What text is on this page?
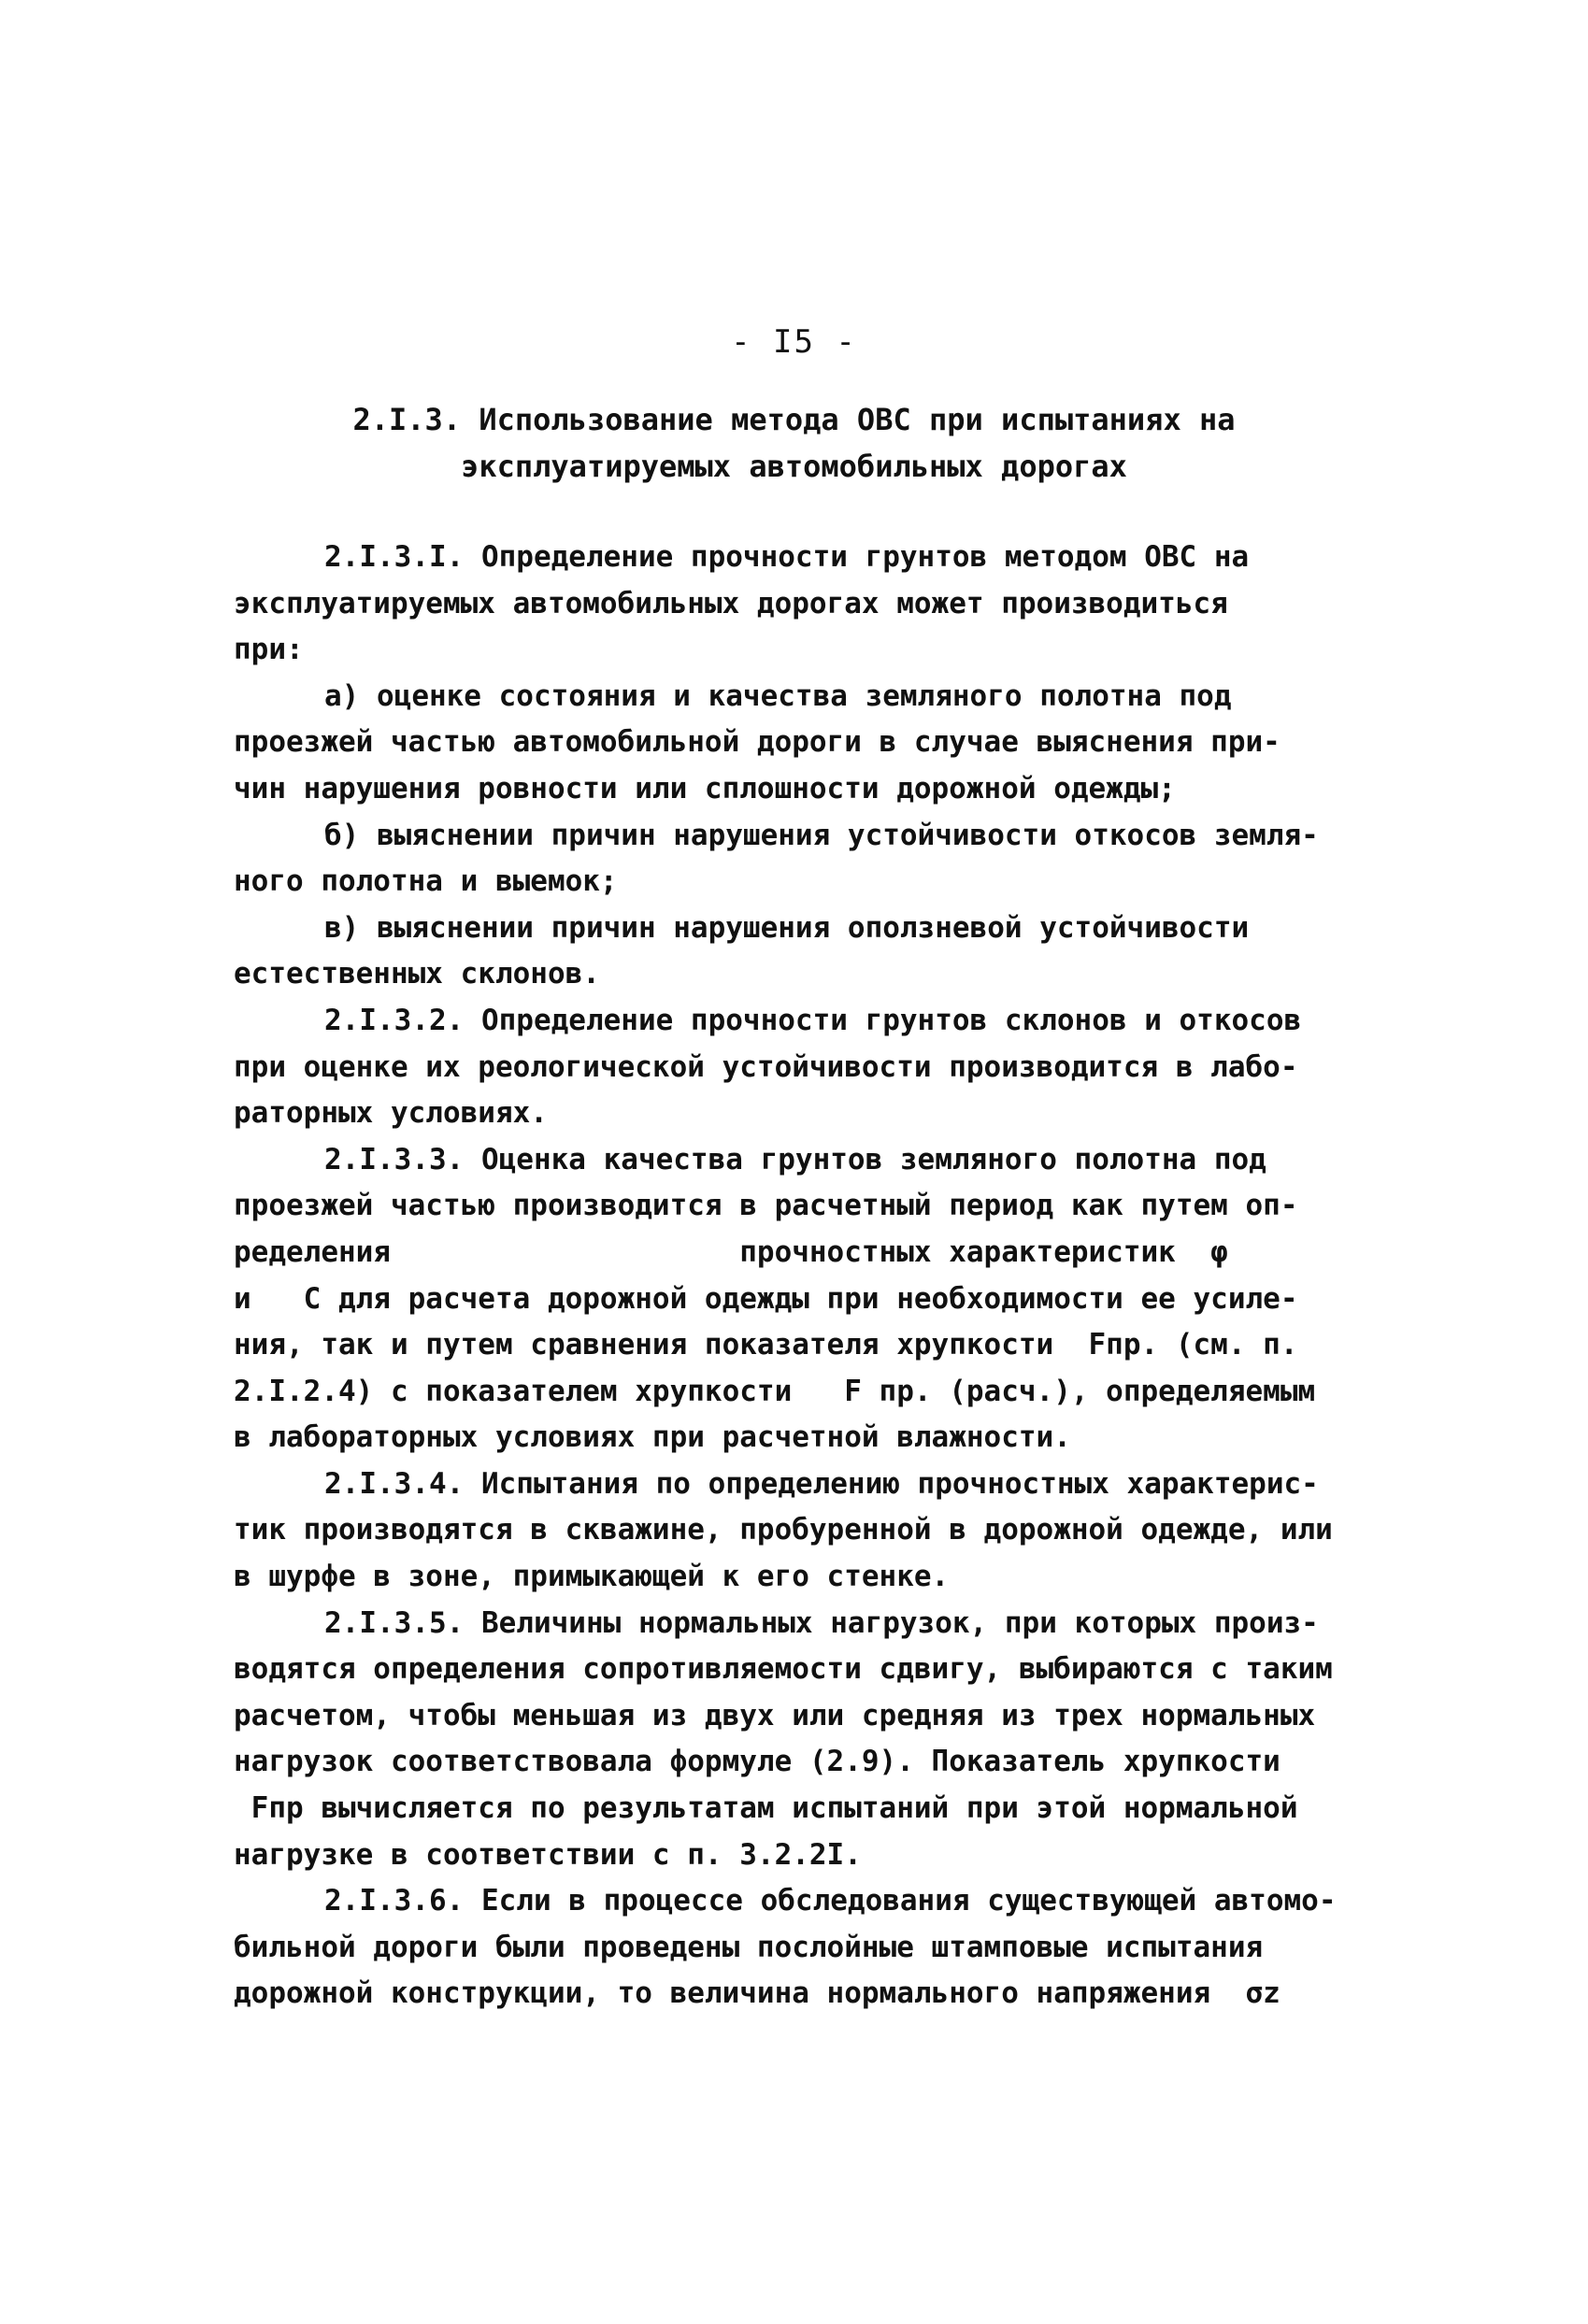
- I5 -
2.I.3. Использование метода ОВС при испытаниях на
эксплуатируемых автомобильных дорогах
2.I.3.I. Определение прочности грунтов методом ОВС на
эксплуатируемых автомобильных дорогах может производиться
при:
а) оценке состояния и качества земляного полотна под
проезжей частью автомобильной дороги в случае выяснения при-
чин нарушения ровности или сплошности дорожной одежды;
б) выяснении причин нарушения устойчивости откосов земля-
ного полотна и выемок;
в) выяснении причин нарушения оползневой устойчивости
естественных склонов.
2.I.3.2. Определение прочности грунтов склонов и откосов
при оценке их реологической устойчивости производится в лабо-
раторных условиях.
2.I.3.3. Оценка качества грунтов земляного полотна под
проезжей частью производится в расчетный период как путем оп-
ределения                    прочностных характеристик  φ
и   С для расчета дорожной одежды при необходимости ее усиле-
ния, так и путем сравнения показателя хрупкости  Fпр. (см. п.
2.I.2.4) с показателем хрупкости   F пр. (расч.), определяемым
в лабораторных условиях при расчетной влажности.
2.I.3.4. Испытания по определению прочностных характерис-
тик производятся в скважине, пробуренной в дорожной одежде, или
в шурфе в зоне, примыкающей к его стенке.
2.I.3.5. Величины нормальных нагрузок, при которых произ-
водятся определения сопротивляемости сдвигу, выбираются с таким
расчетом, чтобы меньшая из двух или средняя из трех нормальных
нагрузок соответствовала формуле (2.9). Показатель хрупкости
Fпр вычисляется по результатам испытаний при этой нормальной
нагрузке в соответствии с п. 3.2.2I.
2.I.3.6. Если в процессе обследования существующей автомо-
бильной дороги были проведены послойные штамповые испытания
дорожной конструкции, то величина нормального напряжения  σz
